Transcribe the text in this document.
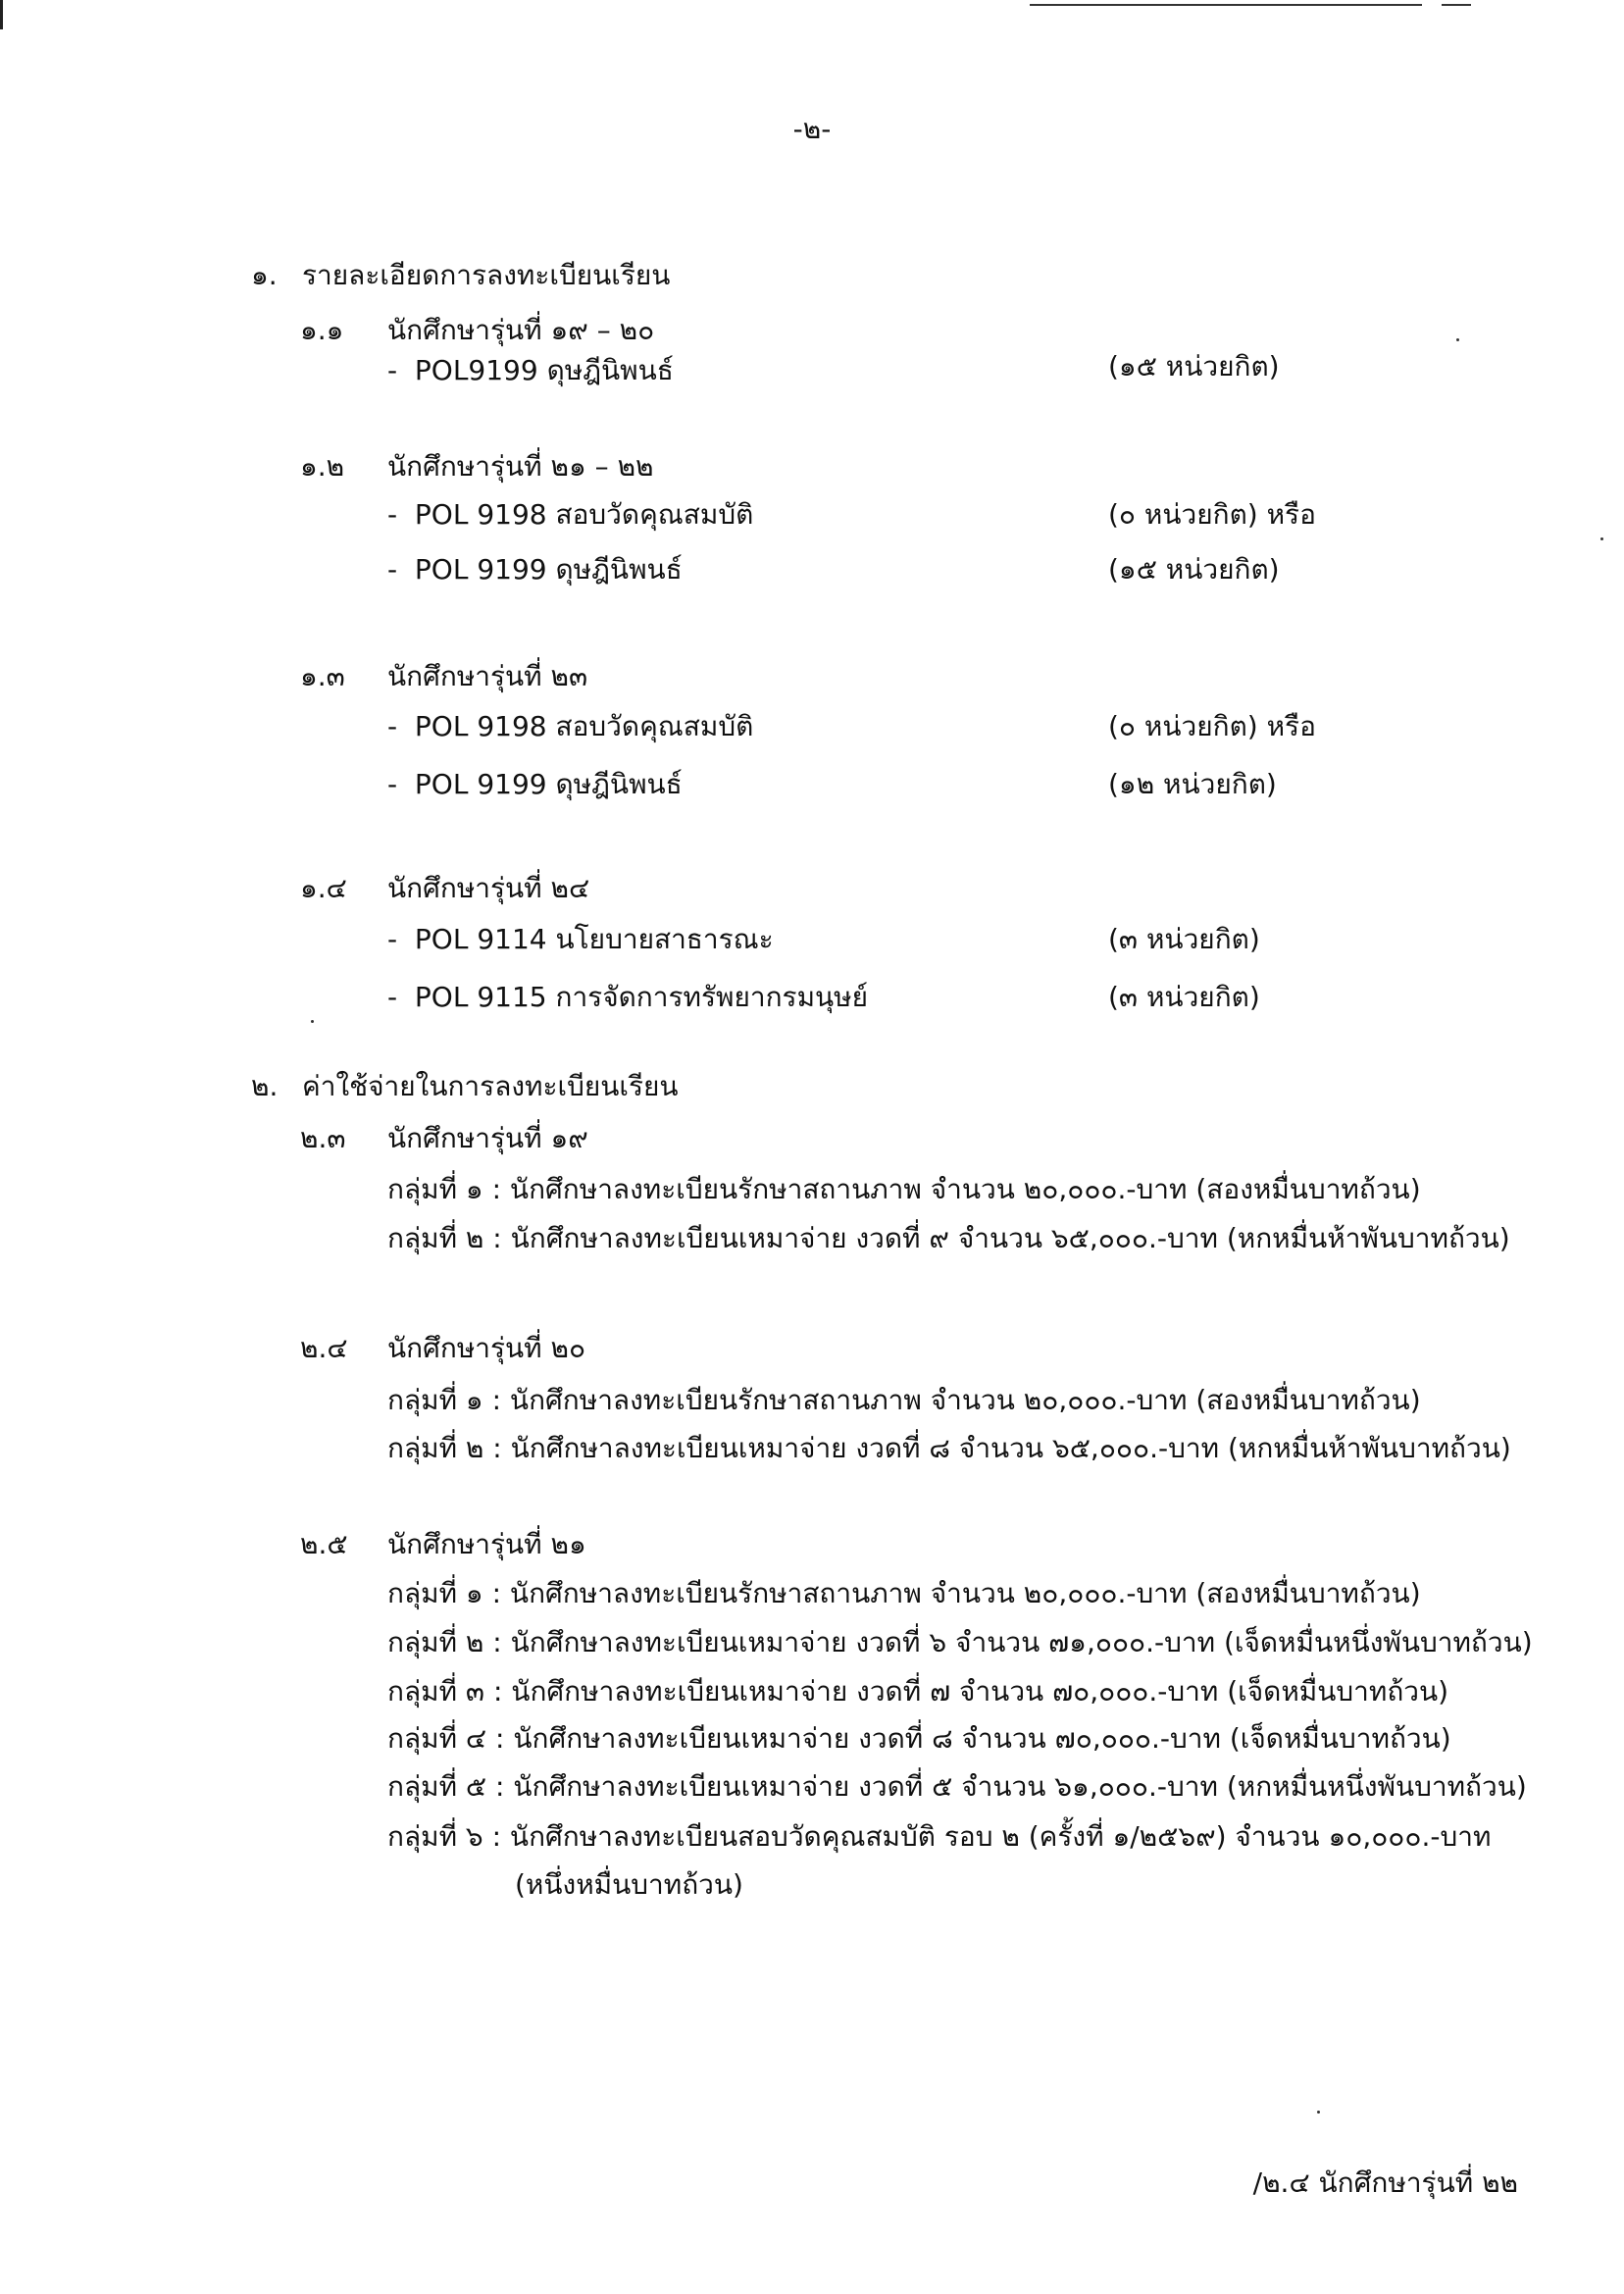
-๒-
๑. รายละเอียดการลงทะเบียนเรียน
๑.๑ นักศึกษารุ่นที่ ๑๙ – ๒๐
-  POL9199 ดุษฎีนิพนธ์	(๑๕ หน่วยกิต)
๑.๒ นักศึกษารุ่นที่ ๒๑ – ๒๒
-  POL 9198 สอบวัดคุณสมบัติ	(๐ หน่วยกิต) หรือ
-  POL 9199 ดุษฎีนิพนธ์	(๑๕ หน่วยกิต)
๑.๓ นักศึกษารุ่นที่ ๒๓
-  POL 9198 สอบวัดคุณสมบัติ	(๐ หน่วยกิต) หรือ
-  POL 9199 ดุษฎีนิพนธ์	(๑๒ หน่วยกิต)
๑.๔ นักศึกษารุ่นที่ ๒๔
-  POL 9114 นโยบายสาธารณะ	(๓ หน่วยกิต)
-  POL 9115 การจัดการทรัพยากรมนุษย์	(๓ หน่วยกิต)
๒. ค่าใช้จ่ายในการลงทะเบียนเรียน
๒.๓ นักศึกษารุ่นที่ ๑๙
กลุ่มที่ ๑ : นักศึกษาลงทะเบียนรักษาสถานภาพ จำนวน ๒๐,๐๐๐.-บาท (สองหมื่นบาทถ้วน)
กลุ่มที่ ๒ : นักศึกษาลงทะเบียนเหมาจ่าย งวดที่ ๙ จำนวน ๖๕,๐๐๐.-บาท (หกหมื่นห้าพันบาทถ้วน)
๒.๔ นักศึกษารุ่นที่ ๒๐
กลุ่มที่ ๑ : นักศึกษาลงทะเบียนรักษาสถานภาพ จำนวน ๒๐,๐๐๐.-บาท (สองหมื่นบาทถ้วน)
กลุ่มที่ ๒ : นักศึกษาลงทะเบียนเหมาจ่าย งวดที่ ๘ จำนวน ๖๕,๐๐๐.-บาท (หกหมื่นห้าพันบาทถ้วน)
๒.๕ นักศึกษารุ่นที่ ๒๑
กลุ่มที่ ๑ : นักศึกษาลงทะเบียนรักษาสถานภาพ จำนวน ๒๐,๐๐๐.-บาท (สองหมื่นบาทถ้วน)
กลุ่มที่ ๒ : นักศึกษาลงทะเบียนเหมาจ่าย งวดที่ ๖ จำนวน ๗๑,๐๐๐.-บาท (เจ็ดหมื่นหนึ่งพันบาทถ้วน)
กลุ่มที่ ๓ : นักศึกษาลงทะเบียนเหมาจ่าย งวดที่ ๗ จำนวน ๗๐,๐๐๐.-บาท (เจ็ดหมื่นบาทถ้วน)
กลุ่มที่ ๔ : นักศึกษาลงทะเบียนเหมาจ่าย งวดที่ ๘ จำนวน ๗๐,๐๐๐.-บาท (เจ็ดหมื่นบาทถ้วน)
กลุ่มที่ ๕ : นักศึกษาลงทะเบียนเหมาจ่าย งวดที่ ๕ จำนวน ๖๑,๐๐๐.-บาท (หกหมื่นหนึ่งพันบาทถ้วน)
กลุ่มที่ ๖ : นักศึกษาลงทะเบียนสอบวัดคุณสมบัติ รอบ ๒ (ครั้งที่ ๑/๒๕๖๙) จำนวน ๑๐,๐๐๐.-บาท
(หนึ่งหมื่นบาทถ้วน)
/๒.๔ นักศึกษารุ่นที่ ๒๒
